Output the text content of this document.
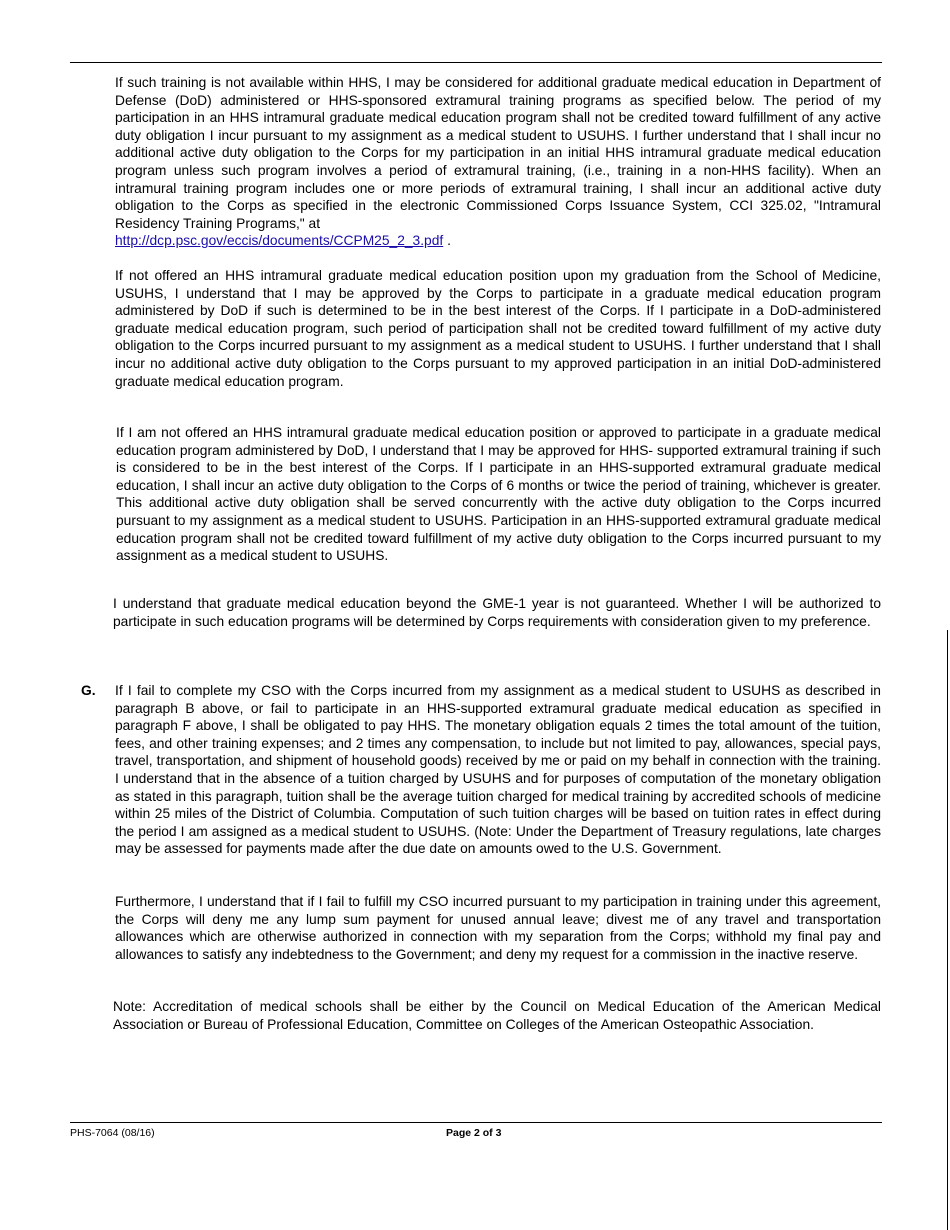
If such training is not available within HHS, I may be considered for additional graduate medical education in Department of Defense (DoD) administered or HHS-sponsored extramural training programs as specified below. The period of my participation in an HHS intramural graduate medical education program shall not be credited toward fulfillment of any active duty obligation I incur pursuant to my assignment as a medical student to USUHS. I further understand that I shall incur no additional active duty obligation to the Corps for my participation in an initial HHS intramural graduate medical education program unless such program involves a period of extramural training, (i.e., training in a non-HHS facility). When an intramural training program includes one or more periods of extramural training, I shall incur an additional active duty obligation to the Corps as specified in the electronic Commissioned Corps Issuance System, CCI 325.02, "Intramural Residency Training Programs," at
http://dcp.psc.gov/eccis/documents/CCPM25_2_3.pdf .

If not offered an HHS intramural graduate medical education position upon my graduation from the School of Medicine, USUHS, I understand that I may be approved by the Corps to participate in a graduate medical education program administered by DoD if such is determined to be in the best interest of the Corps. If I participate in a DoD-administered graduate medical education program, such period of participation shall not be credited toward fulfillment of my active duty obligation to the Corps incurred pursuant to my assignment as a medical student to USUHS. I further understand that I shall incur no additional active duty obligation to the Corps pursuant to my approved participation in an initial DoD-administered graduate medical education program.

If I am not offered an HHS intramural graduate medical education position or approved to participate in a graduate medical education program administered by DoD, I understand that I may be approved for HHS- supported extramural training if such is considered to be in the best interest of the Corps. If I participate in an HHS-supported extramural graduate medical education, I shall incur an active duty obligation to the Corps of 6 months or twice the period of training, whichever is greater. This additional active duty obligation shall be served concurrently with the active duty obligation to the Corps incurred pursuant to my assignment as a medical student to USUHS. Participation in an HHS-supported extramural graduate medical education program shall not be credited toward fulfillment of my active duty obligation to the Corps incurred pursuant to my assignment as a medical student to USUHS.

I understand that graduate medical education beyond the GME-1 year is not guaranteed. Whether I will be authorized to participate in such education programs will be determined by Corps requirements with consideration given to my preference.

G. If I fail to complete my CSO with the Corps incurred from my assignment as a medical student to USUHS as described in paragraph B above, or fail to participate in an HHS-supported extramural graduate medical education as specified in paragraph F above, I shall be obligated to pay HHS. The monetary obligation equals 2 times the total amount of the tuition, fees, and other training expenses; and 2 times any compensation, to include but not limited to pay, allowances, special pays, travel, transportation, and shipment of household goods) received by me or paid on my behalf in connection with the training. I understand that in the absence of a tuition charged by USUHS and for purposes of computation of the monetary obligation as stated in this paragraph, tuition shall be the average tuition charged for medical training by accredited schools of medicine within 25 miles of the District of Columbia. Computation of such tuition charges will be based on tuition rates in effect during the period I am assigned as a medical student to USUHS. (Note: Under the Department of Treasury regulations, late charges may be assessed for payments made after the due date on amounts owed to the U.S. Government.

Furthermore, I understand that if I fail to fulfill my CSO incurred pursuant to my participation in training under this agreement, the Corps will deny me any lump sum payment for unused annual leave; divest me of any travel and transportation allowances which are otherwise authorized in connection with my separation from the Corps; withhold my final pay and allowances to satisfy any indebtedness to the Government; and deny my request for a commission in the inactive reserve.

Note: Accreditation of medical schools shall be either by the Council on Medical Education of the American Medical Association or Bureau of Professional Education, Committee on Colleges of the American Osteopathic Association.

PHS-7064 (08/16)	Page 2 of 3
